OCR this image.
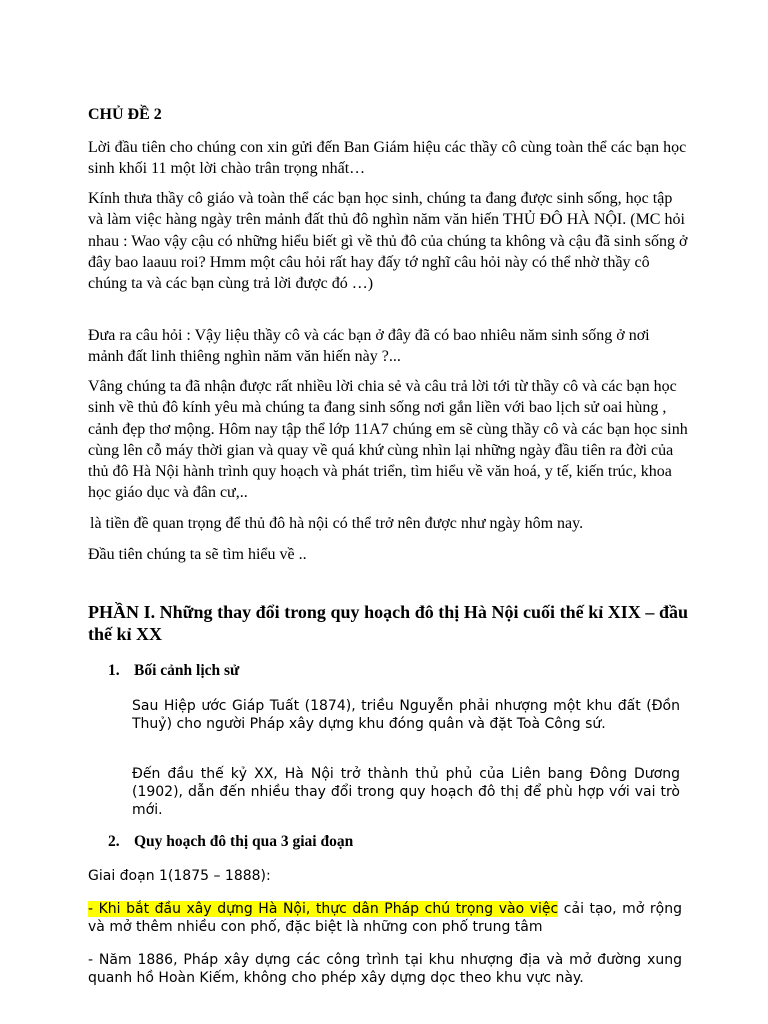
CHỦ ĐỀ 2

Lời đầu tiên cho chúng con xin gửi đến Ban Giám hiệu các thầy cô cùng toàn thể các bạn học sinh khối 11 một lời chào trân trọng nhất…

Kính thưa thầy cô giáo và toàn thể các bạn học sinh, chúng ta đang được sinh sống, học tập và làm việc hàng ngày trên mảnh đất thủ đô nghìn năm văn hiến THỦ ĐÔ HÀ NỘI. (MC hỏi nhau : Wao vậy cậu có những hiểu biết gì về thủ đô của chúng ta không và cậu đã sinh sống ở đây bao laauu roi? Hmm một câu hỏi rất hay đấy tớ nghĩ câu hỏi này có thể nhờ thầy cô chúng ta và các bạn cùng trả lời được đó …)

Đưa ra câu hỏi : Vậy liệu thầy cô và các bạn ở đây đã có bao nhiêu năm sinh sống ở nơi mảnh đất linh thiêng nghìn năm văn hiến này ?...

Vâng chúng ta đã nhận được rất nhiều lời chia sẻ và câu trả lời tới từ thầy cô và các bạn học sinh về thủ đô kính yêu mà chúng ta đang sinh sống nơi gắn liền với bao lịch sử oai hùng , cảnh đẹp thơ mộng. Hôm nay tập thể lớp 11A7 chúng em sẽ cùng thầy cô và các bạn học sinh cùng lên cỗ máy thời gian và quay về quá khứ cùng nhìn lại những ngày đầu tiên ra đời của thủ đô Hà Nội hành trình quy hoạch và phát triển, tìm hiểu về văn hoá, y tế, kiến trúc, khoa học giáo dục và đân cư,..

là tiền đề quan trọng để thủ đô hà nội có thể trở nên được như ngày hôm nay.

Đầu tiên chúng ta sẽ tìm hiểu về ..

PHẦN I. Những thay đổi trong quy hoạch đô thị Hà Nội cuối thế kỉ XIX – đầu thế kỉ XX
1. Bối cảnh lịch sử

Sau Hiệp ước Giáp Tuất (1874), triều Nguyễn phải nhượng một khu đất (Đồn Thuỷ) cho người Pháp xây dựng khu đóng quân và đặt Toà Công sứ.

Đến đầu thế kỷ XX, Hà Nội trở thành thủ phủ của Liên bang Đông Dương (1902), dẫn đến nhiều thay đổi trong quy hoạch đô thị để phù hợp với vai trò mới.

2. Quy hoạch đô thị qua 3 giai đoạn

Giai đoạn 1(1875 – 1888):

- Khi bắt đầu xây dựng Hà Nội, thực dân Pháp chú trọng vào việc cải tạo, mở rộng và mở thêm nhiều con phố, đặc biệt là những con phố trung tâm

- Năm 1886, Pháp xây dựng các công trình tại khu nhượng địa và mở đường xung quanh hồ Hoàn Kiếm, không cho phép xây dựng dọc theo khu vực này.
